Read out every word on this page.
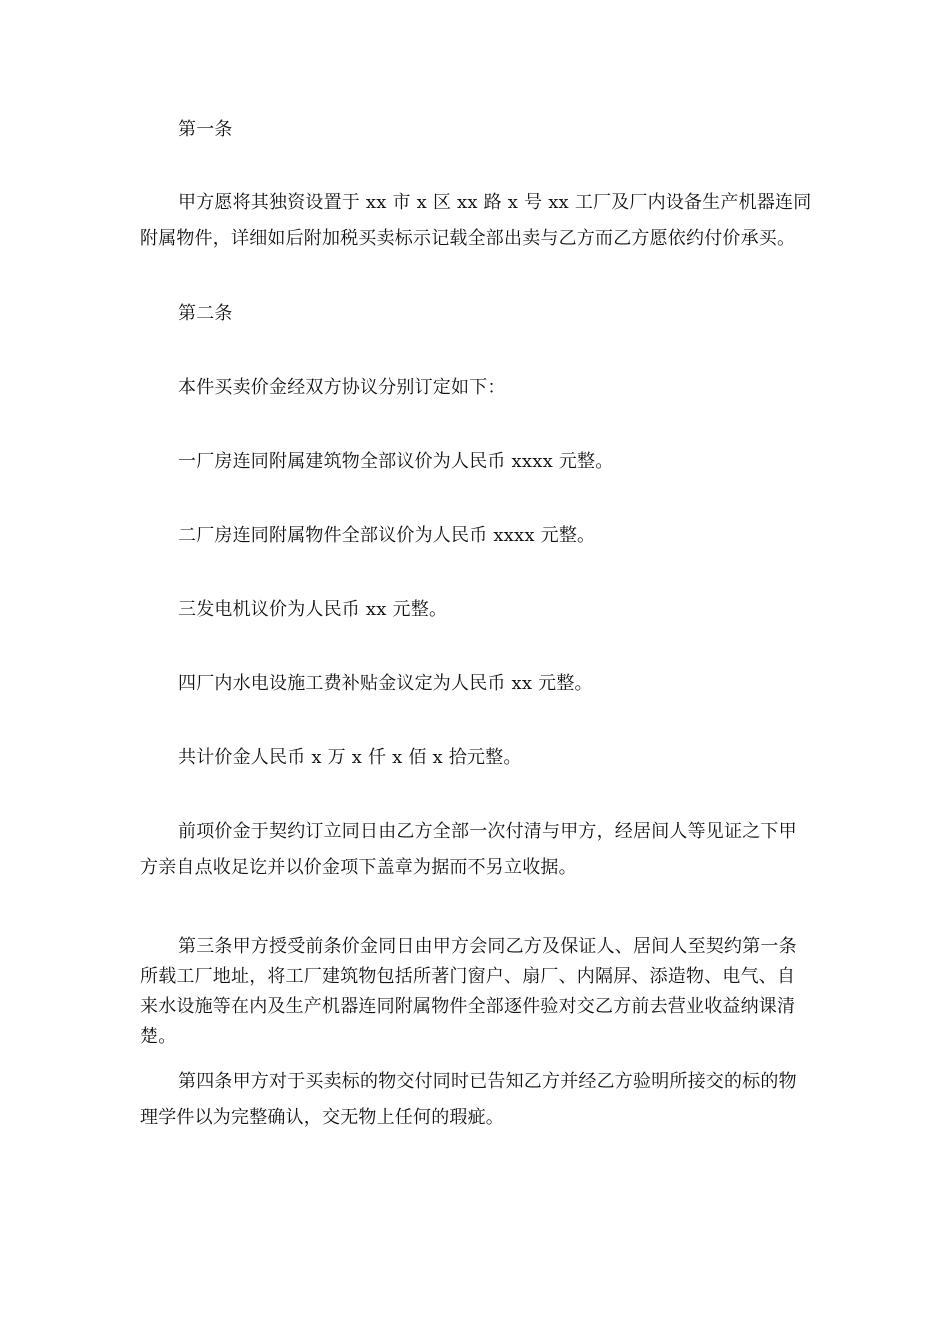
第一条

甲方愿将其独资设置于 xx 市 x 区 xx 路 x 号 xx 工厂及厂内设备生产机器连同附属物件，详细如后附加税买卖标示记载全部出卖与乙方而乙方愿依约付价承买。

第二条

本件买卖价金经双方协议分别订定如下：

一厂房连同附属建筑物全部议价为人民币 xxxx 元整。

二厂房连同附属物件全部议价为人民币 xxxx 元整。

三发电机议价为人民币 xx 元整。

四厂内水电设施工费补贴金议定为人民币 xx 元整。

共计价金人民币 x 万 x 仟 x 佰 x 拾元整。

前项价金于契约订立同日由乙方全部一次付清与甲方，经居间人等见证之下甲方亲自点收足讫并以价金项下盖章为据而不另立收据。

第三条甲方授受前条价金同日由甲方会同乙方及保证人、居间人至契约第一条所载工厂地址，将工厂建筑物包括所著门窗户、扇厂、内隔屏、添造物、电气、自来水设施等在内及生产机器连同附属物件全部逐件验对交乙方前去营业收益纳课清楚。

第四条甲方对于买卖标的物交付同时已告知乙方并经乙方验明所接交的标的物理学件以为完整确认，交无物上任何的瑕疵。
